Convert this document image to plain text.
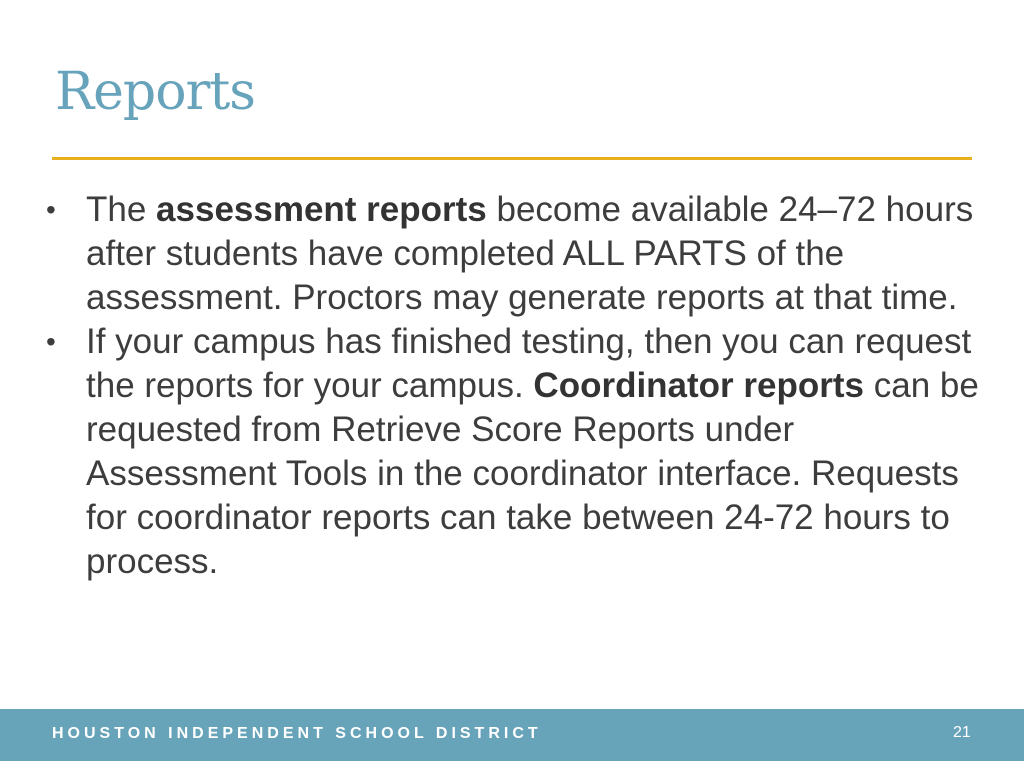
Reports
• The assessment reports become available 24–72 hours after students have completed ALL PARTS of the assessment. Proctors may generate reports at that time.
• If your campus has finished testing, then you can request the reports for your campus. Coordinator reports can be requested from Retrieve Score Reports under Assessment Tools in the coordinator interface. Requests for coordinator reports can take between 24-72 hours to process.
HOUSTON INDEPENDENT SCHOOL DISTRICT	21
